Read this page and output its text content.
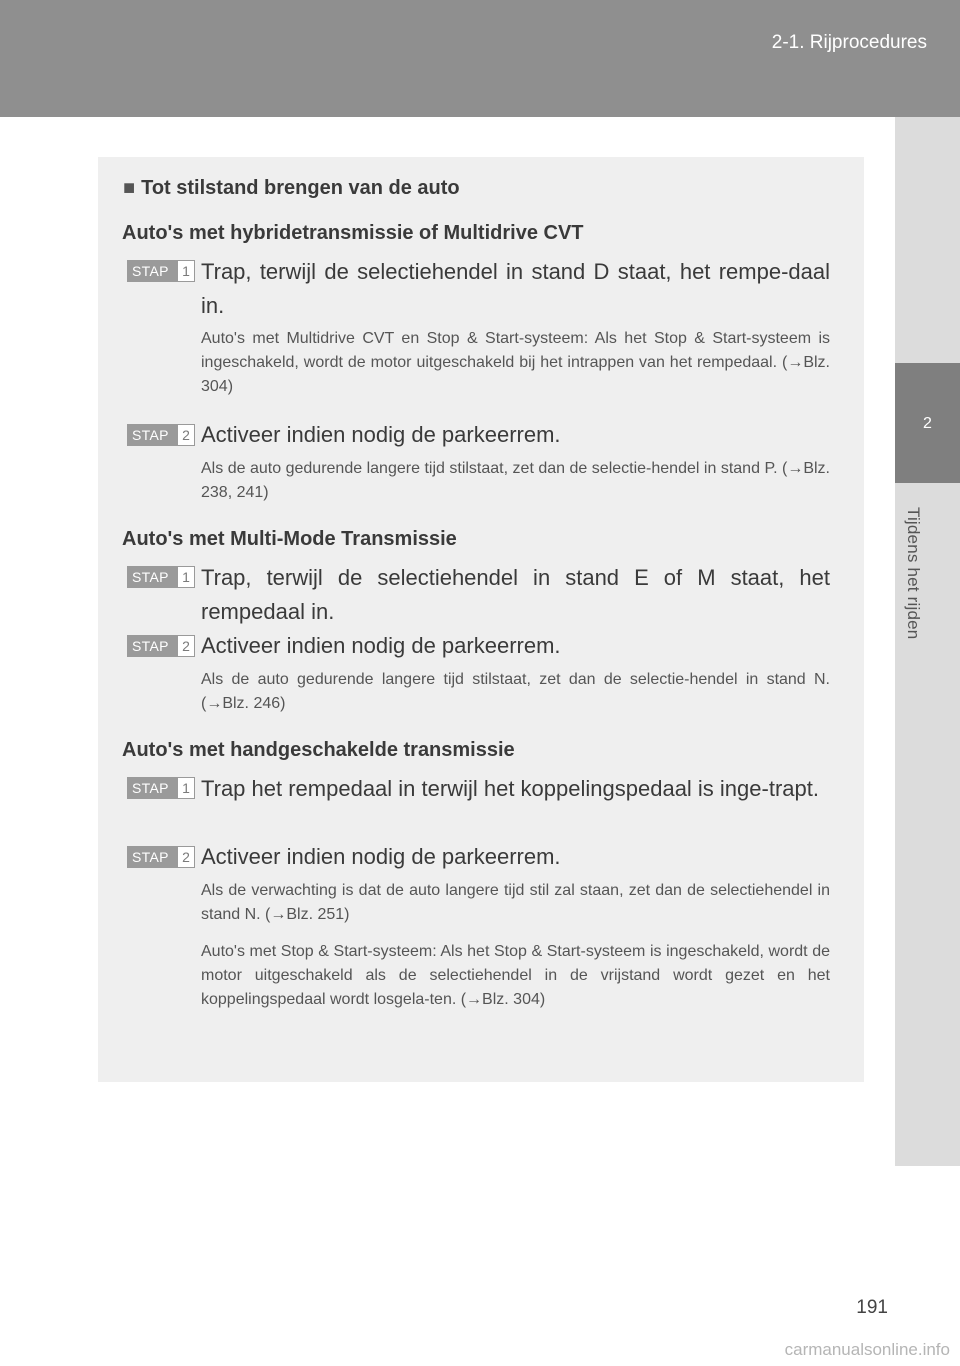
2-1. Rijprocedures
2
Tijdens het rijden
■ Tot stilstand brengen van de auto
Auto's met hybridetransmissie of Multidrive CVT
STAP 1 Trap, terwijl de selectiehendel in stand D staat, het rempe-daal in.
Auto's met Multidrive CVT en Stop & Start-systeem: Als het Stop & Start-systeem is ingeschakeld, wordt de motor uitgeschakeld bij het intrappen van het rempedaal. (→Blz. 304)
STAP 2 Activeer indien nodig de parkeerrem.
Als de auto gedurende langere tijd stilstaat, zet dan de selectie-hendel in stand P. (→Blz. 238, 241)
Auto's met Multi-Mode Transmissie
STAP 1 Trap, terwijl de selectiehendel in stand E of M staat, het rempedaal in.
STAP 2 Activeer indien nodig de parkeerrem.
Als de auto gedurende langere tijd stilstaat, zet dan de selectie-hendel in stand N. (→Blz. 246)
Auto's met handgeschakelde transmissie
STAP 1 Trap het rempedaal in terwijl het koppelingspedaal is inge-trapt.
STAP 2 Activeer indien nodig de parkeerrem.
Als de verwachting is dat de auto langere tijd stil zal staan, zet dan de selectiehendel in stand N. (→Blz. 251)
Auto's met Stop & Start-systeem: Als het Stop & Start-systeem is ingeschakeld, wordt de motor uitgeschakeld als de selectiehendel in de vrijstand wordt gezet en het koppelingspedaal wordt losgela-ten. (→Blz. 304)
191
carmanualsonline.info
